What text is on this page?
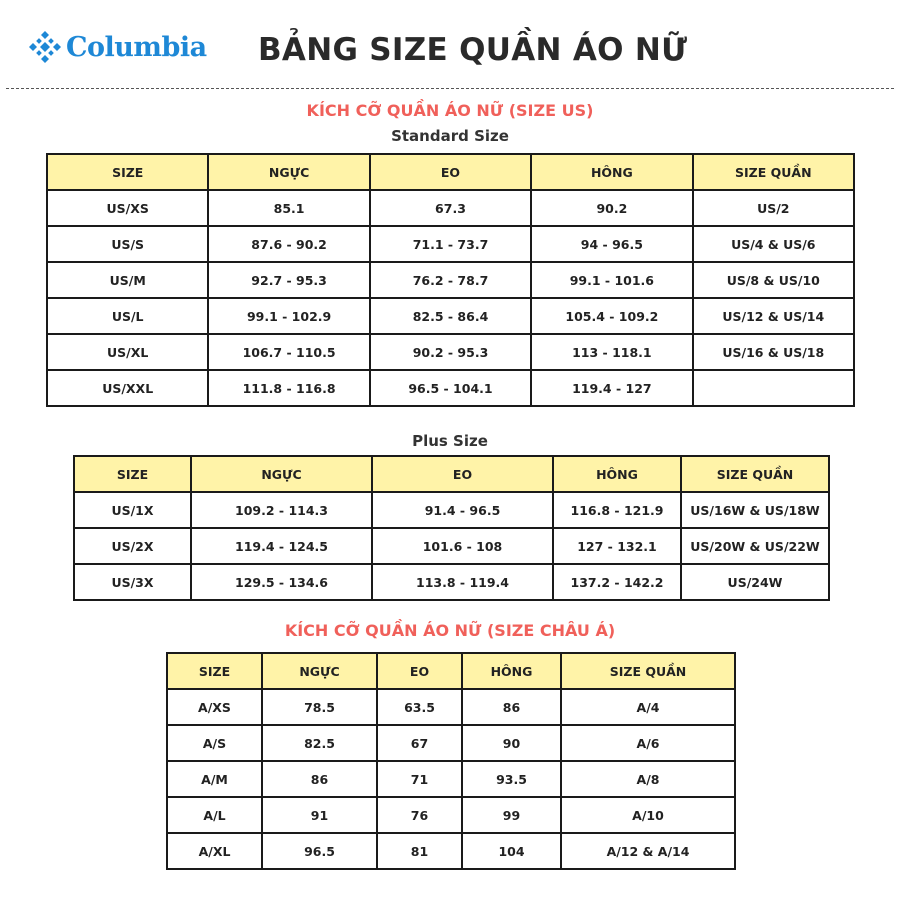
Columbia BẢNG SIZE QUẦN ÁO NỮ
KÍCH CỠ QUẦN ÁO NỮ (SIZE US)
Standard Size
SIZE	NGỰC	EO	HÔNG	SIZE QUẦN
US/XS	85.1	67.3	90.2	US/2
US/S	87.6 - 90.2	71.1 - 73.7	94 - 96.5	US/4 & US/6
US/M	92.7 - 95.3	76.2 - 78.7	99.1 - 101.6	US/8 & US/10
US/L	99.1 - 102.9	82.5 - 86.4	105.4 - 109.2	US/12 & US/14
US/XL	106.7 - 110.5	90.2 - 95.3	113 - 118.1	US/16 & US/18
US/XXL	111.8 - 116.8	96.5 - 104.1	119.4 - 127	
Plus Size
SIZE	NGỰC	EO	HÔNG	SIZE QUẦN
US/1X	109.2 - 114.3	91.4 - 96.5	116.8 - 121.9	US/16W & US/18W
US/2X	119.4 - 124.5	101.6 - 108	127 - 132.1	US/20W & US/22W
US/3X	129.5 - 134.6	113.8 - 119.4	137.2 - 142.2	US/24W
KÍCH CỠ QUẦN ÁO NỮ (SIZE CHÂU Á)
SIZE	NGỰC	EO	HÔNG	SIZE QUẦN
A/XS	78.5	63.5	86	A/4
A/S	82.5	67	90	A/6
A/M	86	71	93.5	A/8
A/L	91	76	99	A/10
A/XL	96.5	81	104	A/12 & A/14
